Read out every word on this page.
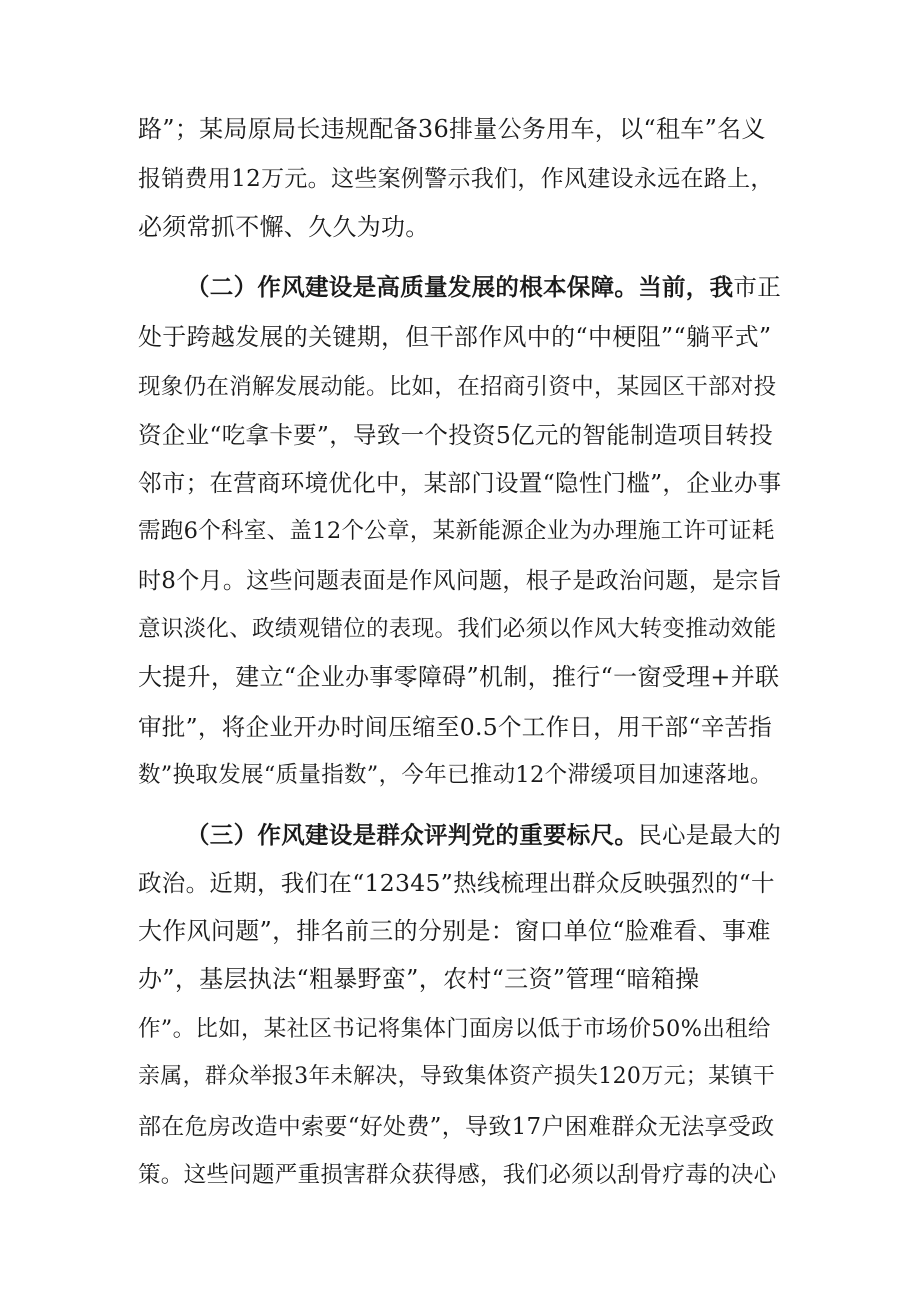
路”；某局原局长违规配备36排量公务用车，以“租车”名义
报销费用12万元。这些案例警示我们，作风建设永远在路上，
必须常抓不懈、久久为功。
（二）作风建设是高质量发展的根本保障。当前，我市正
处于跨越发展的关键期，但干部作风中的“中梗阻”“躺平式”
现象仍在消解发展动能。比如，在招商引资中，某园区干部对投
资企业“吃拿卡要”，导致一个投资5亿元的智能制造项目转投
邻市；在营商环境优化中，某部门设置“隐性门槛”，企业办事
需跑6个科室、盖12个公章，某新能源企业为办理施工许可证耗
时8个月。这些问题表面是作风问题，根子是政治问题，是宗旨
意识淡化、政绩观错位的表现。我们必须以作风大转变推动效能
大提升，建立“企业办事零障碍”机制，推行“一窗受理+并联
审批”，将企业开办时间压缩至0.5个工作日，用干部“辛苦指
数”换取发展“质量指数”，今年已推动12个滞缓项目加速落地。
（三）作风建设是群众评判党的重要标尺。民心是最大的
政治。近期，我们在“12345”热线梳理出群众反映强烈的“十
大作风问题”，排名前三的分别是：窗口单位“脸难看、事难
办”，基层执法“粗暴野蛮”，农村“三资”管理“暗箱操
作”。比如，某社区书记将集体门面房以低于市场价50%出租给
亲属，群众举报3年未解决，导致集体资产损失120万元；某镇干
部在危房改造中索要“好处费”，导致17户困难群众无法享受政
策。这些问题严重损害群众获得感，我们必须以刮骨疗毒的决心
